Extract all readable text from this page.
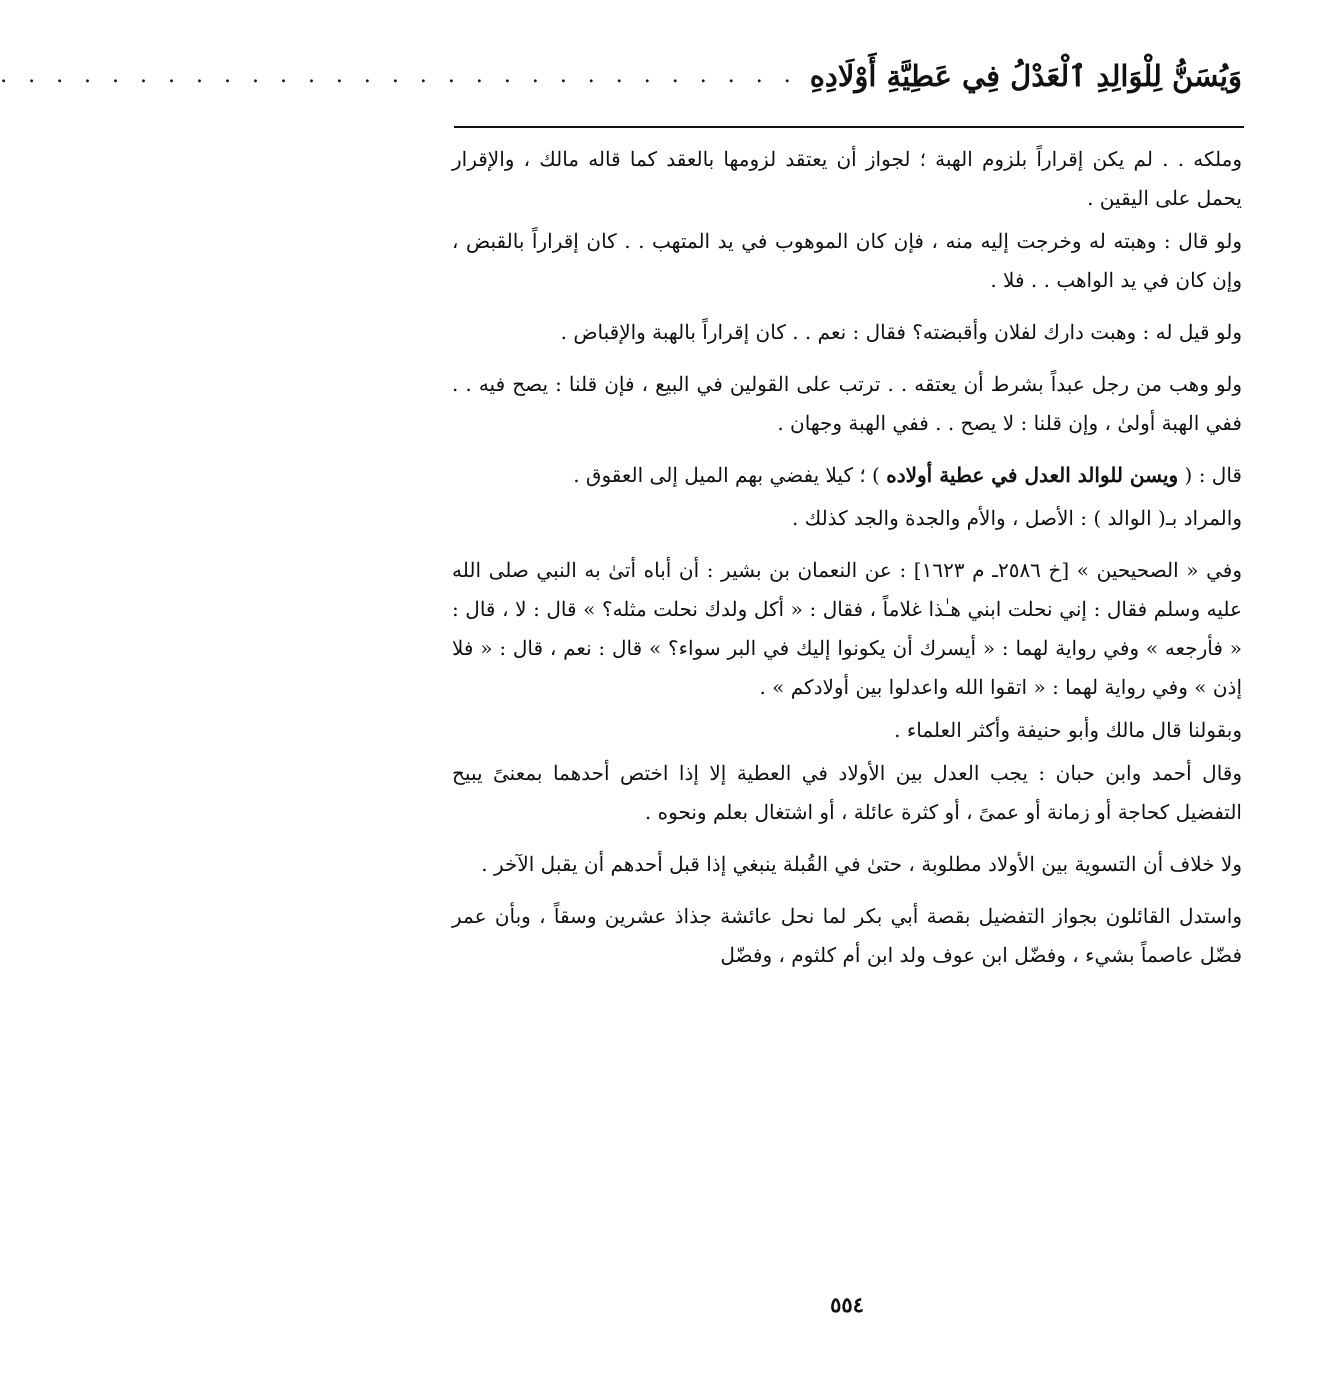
وَيُسَنُّ لِلْوَالِدِ ٱلْعَدْلُ فِي عَطِيَّةِ أَوْلَادِهِ
. . . . . . . . . . . . . . . . . . . . . . . . . . . . .

وملكه . . لم يكن إقراراً بلزوم الهبة ؛ لجواز أن يعتقد لزومها بالعقد كما قاله مالك ، والإقرار يحمل على اليقين .

ولو قال : وهبته له وخرجت إليه منه ، فإن كان الموهوب في يد المتهب . . كان إقراراً بالقبض ، وإن كان في يد الواهب . . فلا .

ولو قيل له : وهبت دارك لفلان وأقبضته؟ فقال : نعم . . كان إقراراً بالهبة والإقباض .

ولو وهب من رجل عبداً بشرط أن يعتقه . . ترتب على القولين في البيع ، فإن قلنا : يصح فيه . . ففي الهبة أولىٰ ، وإن قلنا : لا يصح . . ففي الهبة وجهان .

قال : ( ويسن للوالد العدل في عطية أولاده ) ؛ كيلا يفضي بهم الميل إلى العقوق .

والمراد بـ( الوالد ) : الأصل ، والأم والجدة والجد كذلك .

وفي « الصحيحين » [خ ٢٥٨٦ـ م ١٦٢٣] : عن النعمان بن بشير : أن أباه أتىٰ به النبي صلى الله عليه وسلم فقال : إني نحلت ابني هـٰذا غلاماً ، فقال : « أكل ولدك نحلت مثله؟ » قال : لا ، قال : « فأرجعه » وفي رواية لهما : « أيسرك أن يكونوا إليك في البر سواء؟ » قال : نعم ، قال : « فلا إذن » وفي رواية لهما : « اتقوا الله واعدلوا بين أولادكم » .

وبقولنا قال مالك وأبو حنيفة وأكثر العلماء .

وقال أحمد وابن حبان : يجب العدل بين الأولاد في العطية إلا إذا اختص أحدهما بمعنىً يبيح التفضيل كحاجة أو زمانة أو عمىً ، أو كثرة عائلة ، أو اشتغال بعلم ونحوه .

ولا خلاف أن التسوية بين الأولاد مطلوبة ، حتىٰ في القُبلة ينبغي إذا قبل أحدهم أن يقبل الآخر .

واستدل القائلون بجواز التفضيل بقصة أبي بكر لما نحل عائشة جذاذ عشرين وسقاً ، وبأن عمر فضّل عاصماً بشيء ، وفضّل ابن عوف ولد ابن أم كلثوم ، وفضّل

٥٥٤
